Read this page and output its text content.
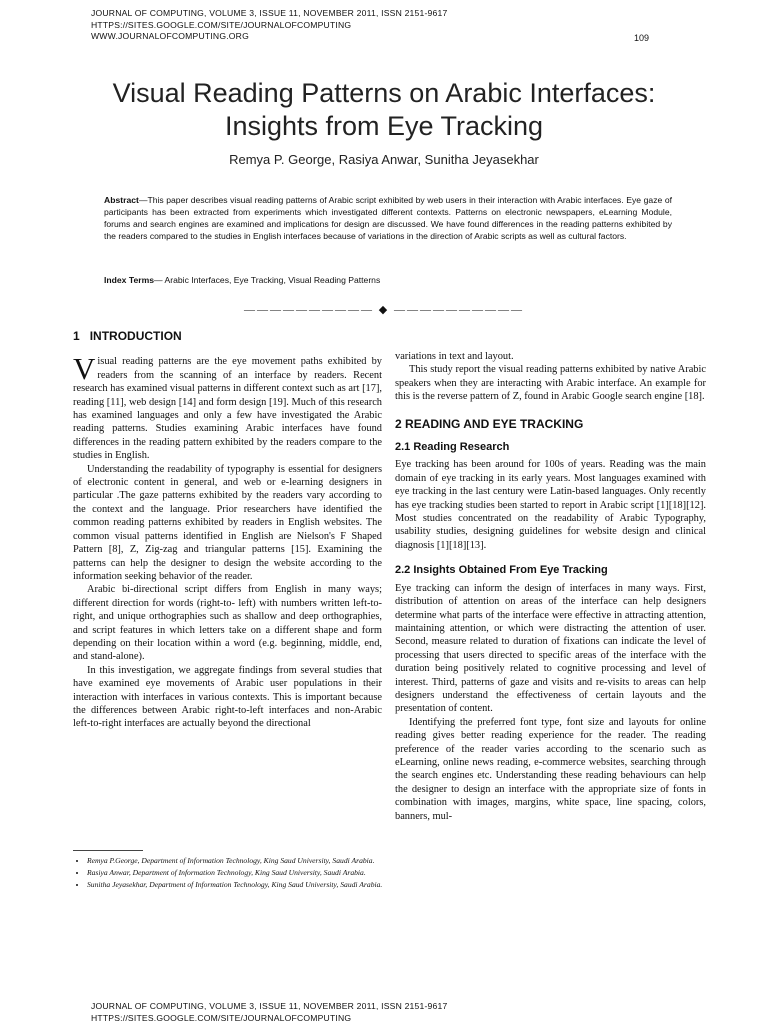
JOURNAL OF COMPUTING, VOLUME 3, ISSUE 11, NOVEMBER 2011, ISSN 2151-9617
HTTPS://SITES.GOOGLE.COM/SITE/JOURNALOFCOMPUTING
WWW.JOURNALOFCOMPUTING.ORG	109
Visual Reading Patterns on Arabic Interfaces:
Insights from Eye Tracking
Remya P. George, Rasiya Anwar, Sunitha Jeyasekhar
Abstract—This paper describes visual reading patterns of Arabic script exhibited by web users in their interaction with Arabic interfaces. Eye gaze of participants has been extracted from experiments which investigated different contexts. Patterns on electronic newspapers, eLearning Module, forums and search engines are examined and implications for design are discussed. We have found differences in the reading patterns exhibited by the readers compared to the studies in English interfaces because of variations in the direction of Arabic scripts as well as cultural factors.
Index Terms— Arabic Interfaces, Eye Tracking, Visual Reading Patterns
—————————— ◆ ——————————
1 INTRODUCTION

Visual reading patterns are the eye movement paths exhibited by readers from the scanning of an interface by readers. Recent research has examined visual patterns in different context such as art [17], reading [11], web design [14] and form design [19]. Much of this research has examined languages and only a few have investigated the Arabic reading patterns. Studies examining Arabic interfaces have found differences in the reading pattern exhibited by the readers compare to the studies in English.

Understanding the readability of typography is essential for designers of electronic content in general, and web or e-learning designers in particular .The gaze patterns exhibited by the readers vary according to the context and the language. Prior researchers have identified the common reading patterns exhibited by readers in English websites. The common visual patterns identified in English are Nielson's F Shaped Pattern [8], Z, Zig-zag and triangular patterns [15]. Examining the patterns can help the designer to design the website according to the information seeking behavior of the reader.

Arabic bi-directional script differs from English in many ways; different direction for words (right-to- left) with numbers written left-to-right, and unique orthographies such as shallow and deep orthographies, and script features in which letters take on a different shape and form depending on their location within a word (e.g. beginning, middle, end, and stand-alone).

In this investigation, we aggregate findings from several studies that have examined eye movements of Arabic user populations in their interaction with interfaces in various contexts. This is important because the differences between Arabic right-to-left interfaces and non-Arabic left-to-right interfaces are actually beyond the directional

variations in text and layout.

This study report the visual reading patterns exhibited by native Arabic speakers when they are interacting with Arabic interface. An example for this is the reverse pattern of Z, found in Arabic Google search engine [18].

2 READING AND EYE TRACKING
2.1 Reading Research

Eye tracking has been around for 100s of years. Reading was the main domain of eye tracking in its early years. Most languages examined with eye tracking in the last century were Latin-based languages. Only recently has eye tracking studies been started to report in Arabic script [1][18][12]. Most studies concentrated on the readability of Arabic Typography, usability studies, designing guidelines for website design and clinical diagnosis [1][18][13].

2.2 Insights Obtained From Eye Tracking

Eye tracking can inform the design of interfaces in many ways. First, distribution of attention on areas of the interface can help designers determine what parts of the interface were effective in attracting attention, maintaining attention, or which were distracting the attention of user. Second, measure related to duration of fixations can indicate the level of processing that users directed to specific areas of the interface with the duration being positively related to cognitive processing and level of interest. Third, patterns of gaze and visits and re-visits to areas can help designers understand the effectiveness of certain layouts and the presentation of content.

Identifying the preferred font type, font size and layouts for online reading gives better reading experience for the reader. The reading preference of the reader varies according to the scenario such as eLearning, online news reading, e-commerce websites, searching through the search engines etc. Understanding these reading behaviours can help the designer to design an interface with the appropriate size of fonts in combination with images, margins, white space, line spacing, colors, banners, mul-

• Remya P.George, Department of Information Technology, King Saud University, Saudi Arabia.
• Rasiya Anwar, Department of Information Technology, King Saud University, Saudi Arabia.
• Sunitha Jeyasekhar, Department of Information Technology, King Saud University, Saudi Arabia.
JOURNAL OF COMPUTING, VOLUME 3, ISSUE 11, NOVEMBER 2011, ISSN 2151-9617
HTTPS://SITES.GOOGLE.COM/SITE/JOURNALOFCOMPUTING
